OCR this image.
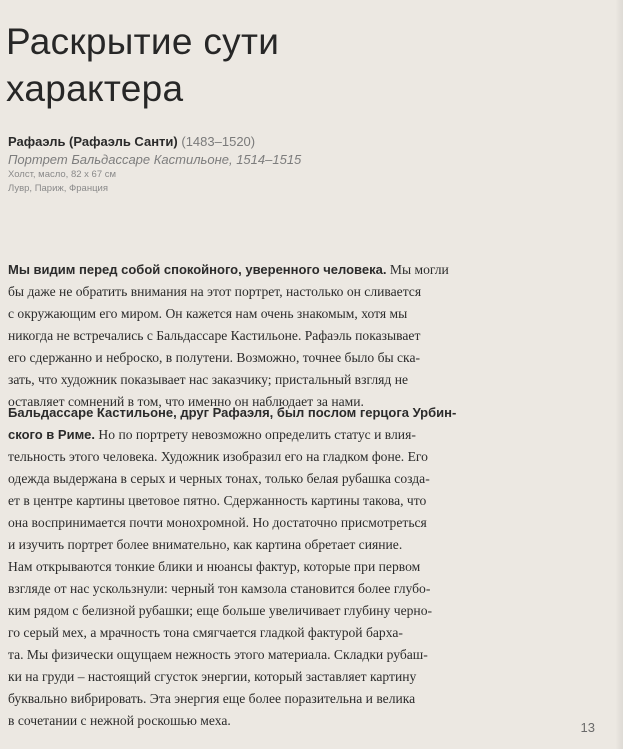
Раскрытие сути
характера
Рафаэль (Рафаэль Санти) (1483–1520)
Портрет Бальдассаре Кастильоне, 1514–1515
Холст, масло, 82 x 67 см
Лувр, Париж, Франция

Мы видим перед собой спокойного, уверенного человека. Мы могли
бы даже не обратить внимания на этот портрет, настолько он сливается
с окружающим его миром. Он кажется нам очень знакомым, хотя мы
никогда не встречались с Бальдассаре Кастильоне. Рафаэль показывает
его сдержанно и неброско, в полутени. Возможно, точнее было бы ска-
зать, что художник показывает нас заказчику; пристальный взгляд не
оставляет сомнений в том, что именно он наблюдает за нами.

Бальдассаре Кастильоне, друг Рафаэля, был послом герцога Урбин-
ского в Риме. Но по портрету невозможно определить статус и влия-
тельность этого человека. Художник изобразил его на гладком фоне. Его
одежда выдержана в серых и черных тонах, только белая рубашка созда-
ет в центре картины цветовое пятно. Сдержанность картины такова, что
она воспринимается почти монохромной. Но достаточно присмотреться
и изучить портрет более внимательно, как картина обретает сияние.
Нам открываются тонкие блики и нюансы фактур, которые при первом
взгляде от нас ускользнули: черный тон камзола становится более глубо-
ким рядом с белизной рубашки; еще больше увеличивает глубину черно-
го серый мех, а мрачность тона смягчается гладкой фактурой барха-
та. Мы физически ощущаем нежность этого материала. Складки рубаш-
ки на груди – настоящий сгусток энергии, который заставляет картину
буквально вибрировать. Эта энергия еще более поразительна и велика
в сочетании с нежной роскошью меха.	13
